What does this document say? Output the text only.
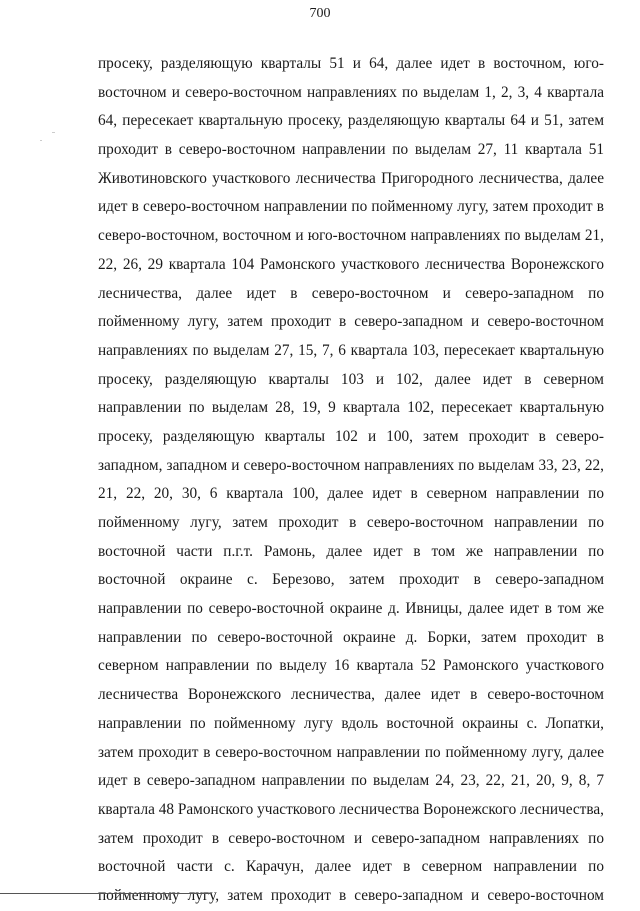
700
просеку, разделяющую кварталы 51 и 64, далее идет в восточном, юго-
восточном и северо-восточном направлениях по выделам 1, 2, 3, 4 квартала
64, пересекает квартальную просеку, разделяющую кварталы 64 и 51, затем
проходит в северо-восточном направлении по выделам 27, 11 квартала 51
Животиновского участкового лесничества Пригородного лесничества, далее
идет в северо-восточном направлении по пойменному лугу, затем проходит в
северо-восточном, восточном и юго-восточном направлениях по выделам 21,
22, 26, 29 квартала 104 Рамонского участкового лесничества Воронежского
лесничества, далее идет в северо-восточном и северо-западном по
пойменному лугу, затем проходит в северо-западном и северо-восточном
направлениях по выделам 27, 15, 7, 6 квартала 103, пересекает квартальную
просеку, разделяющую кварталы 103 и 102, далее идет в северном
направлении по выделам 28, 19, 9 квартала 102, пересекает квартальную
просеку, разделяющую кварталы 102 и 100, затем проходит в северо-
западном, западном и северо-восточном направлениях по выделам 33, 23, 22,
21, 22, 20, 30, 6 квартала 100, далее идет в северном направлении по
пойменному лугу, затем проходит в северо-восточном направлении по
восточной части п.г.т. Рамонь, далее идет в том же направлении по
восточной окраине с. Березово, затем проходит в северо-западном
направлении по северо-восточной окраине д. Ивницы, далее идет в том же
направлении по северо-восточной окраине д. Борки, затем проходит в
северном направлении по выделу 16 квартала 52 Рамонского участкового
лесничества Воронежского лесничества, далее идет в северо-восточном
направлении по пойменному лугу вдоль восточной окраины с. Лопатки,
затем проходит в северо-восточном направлении по пойменному лугу, далее
идет в северо-западном направлении по выделам 24, 23, 22, 21, 20, 9, 8, 7
квартала 48 Рамонского участкового лесничества Воронежского лесничества,
затем проходит в северо-восточном и северо-западном направлениях по
восточной части с. Карачун, далее идет в северном направлении по
пойменному лугу, затем проходит в северо-западном и северо-восточном
